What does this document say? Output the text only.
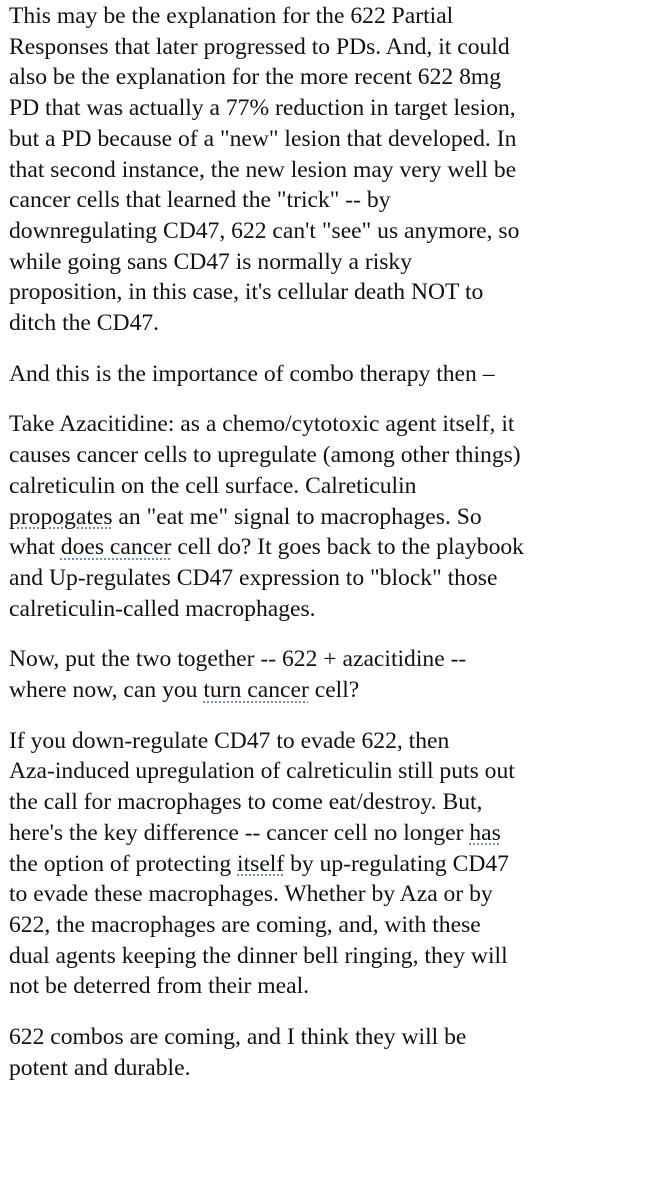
This may be the explanation for the 622 Partial
Responses that later progressed to PDs. And, it could
also be the explanation for the more recent 622 8mg
PD that was actually a 77% reduction in target lesion,
but a PD because of a "new" lesion that developed. In
that second instance, the new lesion may very well be
cancer cells that learned the "trick" -- by
downregulating CD47, 622 can't "see" us anymore, so
while going sans CD47 is normally a risky
proposition, in this case, it's cellular death NOT to
ditch the CD47.

And this is the importance of combo therapy then –

Take Azacitidine: as a chemo/cytotoxic agent itself, it
causes cancer cells to upregulate (among other things)
calreticulin on the cell surface. Calreticulin
propogates an "eat me" signal to macrophages. So
what does cancer cell do? It goes back to the playbook
and Up-regulates CD47 expression to "block" those
calreticulin-called macrophages.

Now, put the two together -- 622 + azacitidine --
where now, can you turn cancer cell?

If you down-regulate CD47 to evade 622, then
Aza-induced upregulation of calreticulin still puts out
the call for macrophages to come eat/destroy. But,
here's the key difference -- cancer cell no longer has
the option of protecting itself by up-regulating CD47
to evade these macrophages. Whether by Aza or by
622, the macrophages are coming, and, with these
dual agents keeping the dinner bell ringing, they will
not be deterred from their meal.

622 combos are coming, and I think they will be
potent and durable.
